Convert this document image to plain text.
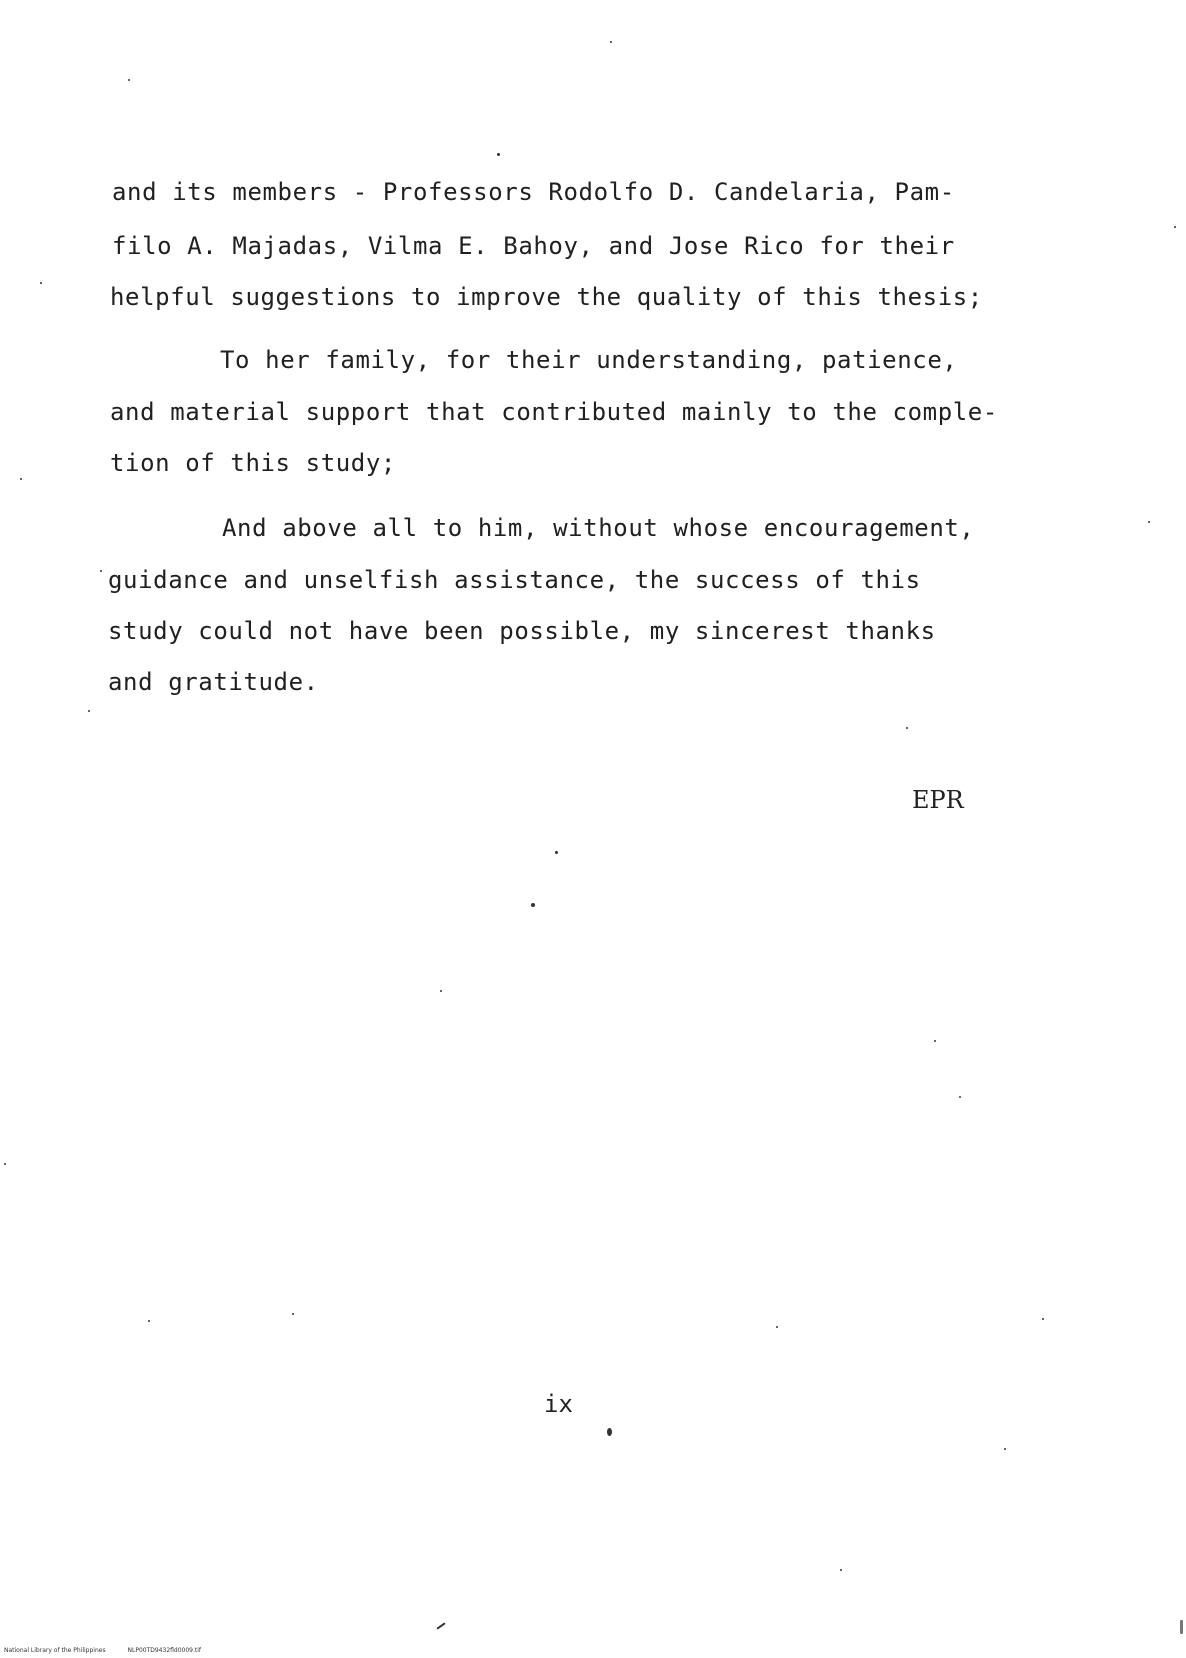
and its members - Professors Rodolfo D. Candelaria, Pam-
filo A. Majadas, Vilma E. Bahoy, and Jose Rico for their
helpful suggestions to improve the quality of this thesis;
To her family, for their understanding, patience,
and material support that contributed mainly to the comple-
tion of this study;
And above all to him, without whose encouragement,
guidance and unselfish assistance, the success of this
study could not have been possible, my sincerest thanks
and gratitude.
EPR
ix
National Library of the Philippines	NLP00TD9432fld0009.tif
